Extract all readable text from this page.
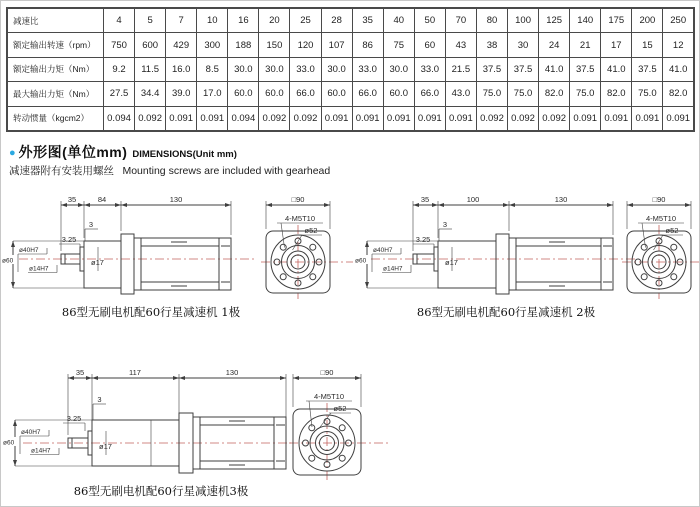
减速比	4	5	7	10	16	20	25	28	35	40	50	70	80	100	125	140	175	200	250
额定输出转速（rpm）	750	600	429	300	188	150	120	107	86	75	60	43	38	30	24	21	17	15	12
额定输出力矩（Nm）	9.2	11.5	16.0	8.5	30.0	30.0	33.0	30.0	33.0	30.0	33.0	21.5	37.5	37.5	41.0	37.5	41.0	37.5	41.0
最大输出力矩（Nm）	27.5	34.4	39.0	17.0	60.0	60.0	66.0	60.0	66.0	60.0	66.0	43.0	75.0	75.0	82.0	75.0	82.0	75.0	82.0
转动惯量（kgcm2）	0.094	0.092	0.091	0.091	0.094	0.092	0.092	0.091	0.091	0.091	0.091	0.091	0.092	0.092	0.092	0.091	0.091	0.091	0.091
● 外形图(单位mm) DIMENSIONS(Unit mm)
减速器附有安装用螺丝 Mounting screws are included with gearhead
35	84	130
3
3.25
ø17
ø60
ø40H7
ø14H7
□90
4-M5T10
ø52
86型无刷电机配60行星减速机 1极
35	100	130
3
3.25
ø17
ø60
ø40H7
ø14H7
□90
4-M5T10
ø52
86型无刷电机配60行星减速机 2极
35	117	130
3
3.25
ø17
ø60
ø40H7
ø14H7
□90
4-M5T10
ø52
86型无刷电机配60行星减速机3极
